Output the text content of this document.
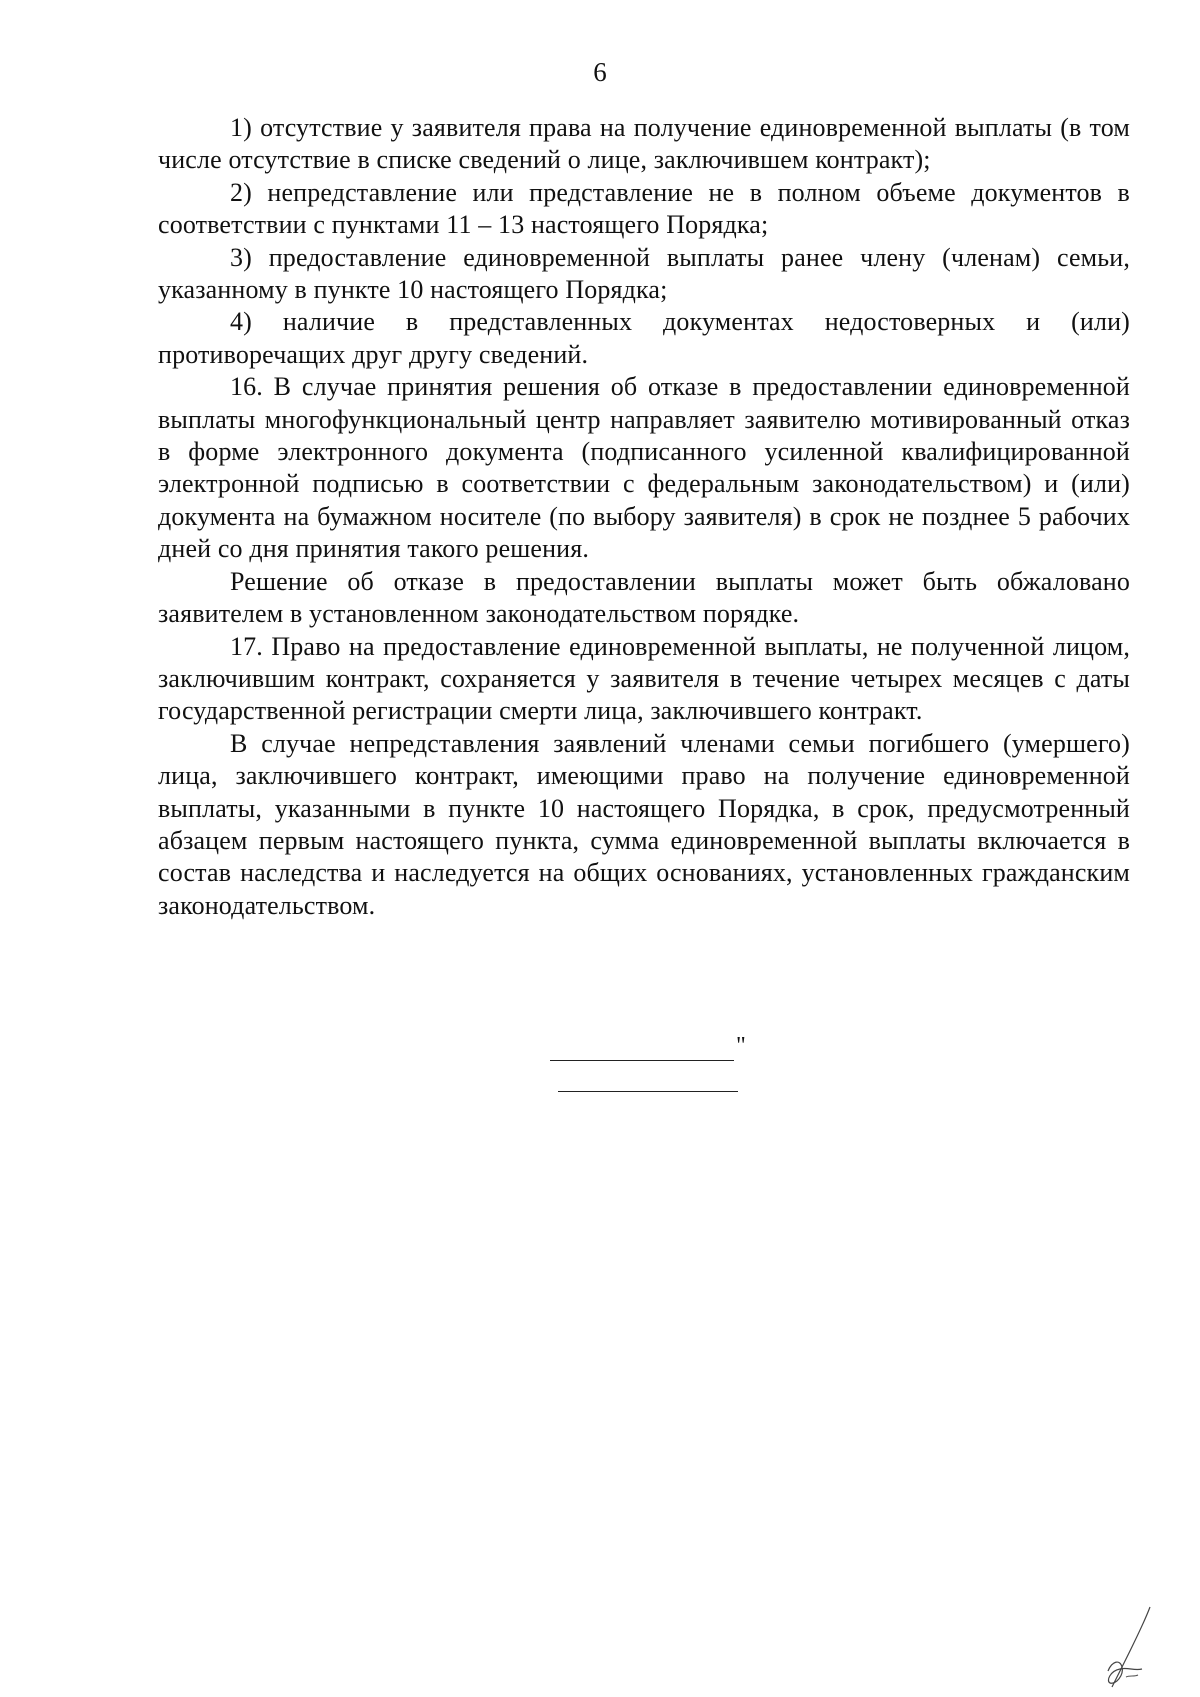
6

1) отсутствие у заявителя права на получение единовременной выплаты (в том числе отсутствие в списке сведений о лице, заключившем контракт);

2) непредставление или представление не в полном объеме документов в соответствии с пунктами 11 – 13 настоящего Порядка;

3) предоставление единовременной выплаты ранее члену (членам) семьи, указанному в пункте 10 настоящего Порядка;

4) наличие в представленных документах недостоверных и (или) противоречащих друг другу сведений.

16. В случае принятия решения об отказе в предоставлении единовременной выплаты многофункциональный центр направляет заявителю мотивированный отказ в форме электронного документа (подписанного усиленной квалифицированной электронной подписью в соответствии с федеральным законодательством) и (или) документа на бумажном носителе (по выбору заявителя) в срок не позднее 5 рабочих дней со дня принятия такого решения.

Решение об отказе в предоставлении выплаты может быть обжаловано заявителем в установленном законодательством порядке.

17. Право на предоставление единовременной выплаты, не полученной лицом, заключившим контракт, сохраняется у заявителя в течение четырех месяцев с даты государственной регистрации смерти лица, заключившего контракт.

В случае непредставления заявлений членами семьи погибшего (умершего) лица, заключившего контракт, имеющими право на получение единовременной выплаты, указанными в пункте 10 настоящего Порядка, в срок, предусмотренный абзацем первым настоящего пункта, сумма единовременной выплаты включается в состав наследства и наследуется на общих основаниях, установленных гражданским законодательством.

"
